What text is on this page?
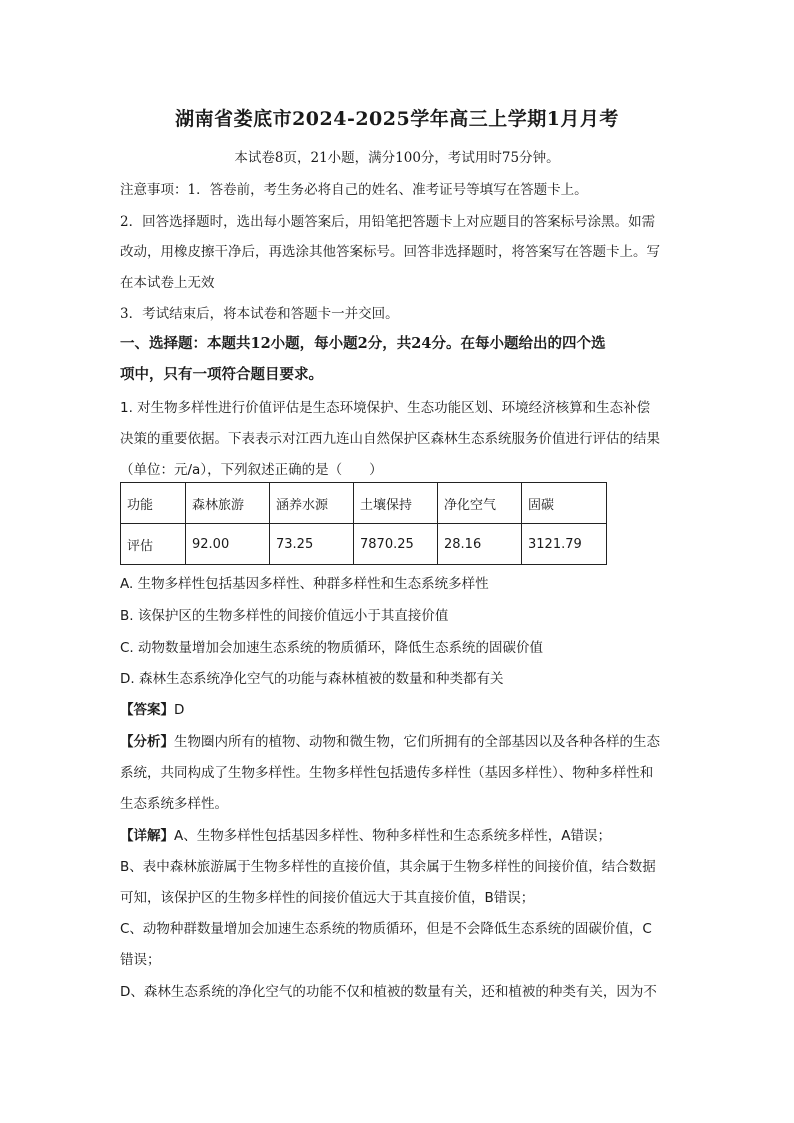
湖南省娄底市2024-2025学年高三上学期1月月考
本试卷8页，21小题，满分100分，考试用时75分钟。
注意事项：1．答卷前，考生务必将自己的姓名、准考证号等填写在答题卡上。
2．回答选择题时，选出每小题答案后，用铅笔把答题卡上对应题目的答案标号涂黑。如需
改动，用橡皮擦干净后，再选涂其他答案标号。回答非选择题时，将答案写在答题卡上。写
在本试卷上无效
3．考试结束后，将本试卷和答题卡一并交回。
一、选择题：本题共12小题，每小题2分，共24分。在每小题给出的四个选
项中，只有一项符合题目要求。
1. 对生物多样性进行价值评估是生态环境保护、生态功能区划、环境经济核算和生态补偿
决策的重要依据。下表表示对江西九连山自然保护区森林生态系统服务价值进行评估的结果
（单位：元/a），下列叙述正确的是（　　）
功能	森林旅游	涵养水源	土壤保持	净化空气	固碳
评估	92.00	73.25	7870.25	28.16	3121.79
A. 生物多样性包括基因多样性、种群多样性和生态系统多样性
B. 该保护区的生物多样性的间接价值远小于其直接价值
C. 动物数量增加会加速生态系统的物质循环，降低生态系统的固碳价值
D. 森林生态系统净化空气的功能与森林植被的数量和种类都有关
【答案】D
【分析】生物圈内所有的植物、动物和微生物，它们所拥有的全部基因以及各种各样的生态
系统，共同构成了生物多样性。生物多样性包括遗传多样性（基因多样性）、物种多样性和
生态系统多样性。
【详解】A、生物多样性包括基因多样性、物种多样性和生态系统多样性，A错误；
B、表中森林旅游属于生物多样性的直接价值，其余属于生物多样性的间接价值，结合数据
可知，该保护区的生物多样性的间接价值远大于其直接价值，B错误；
C、动物种群数量增加会加速生态系统的物质循环，但是不会降低生态系统的固碳价值，C
错误；
D、森林生态系统的净化空气的功能不仅和植被的数量有关，还和植被的种类有关，因为不
